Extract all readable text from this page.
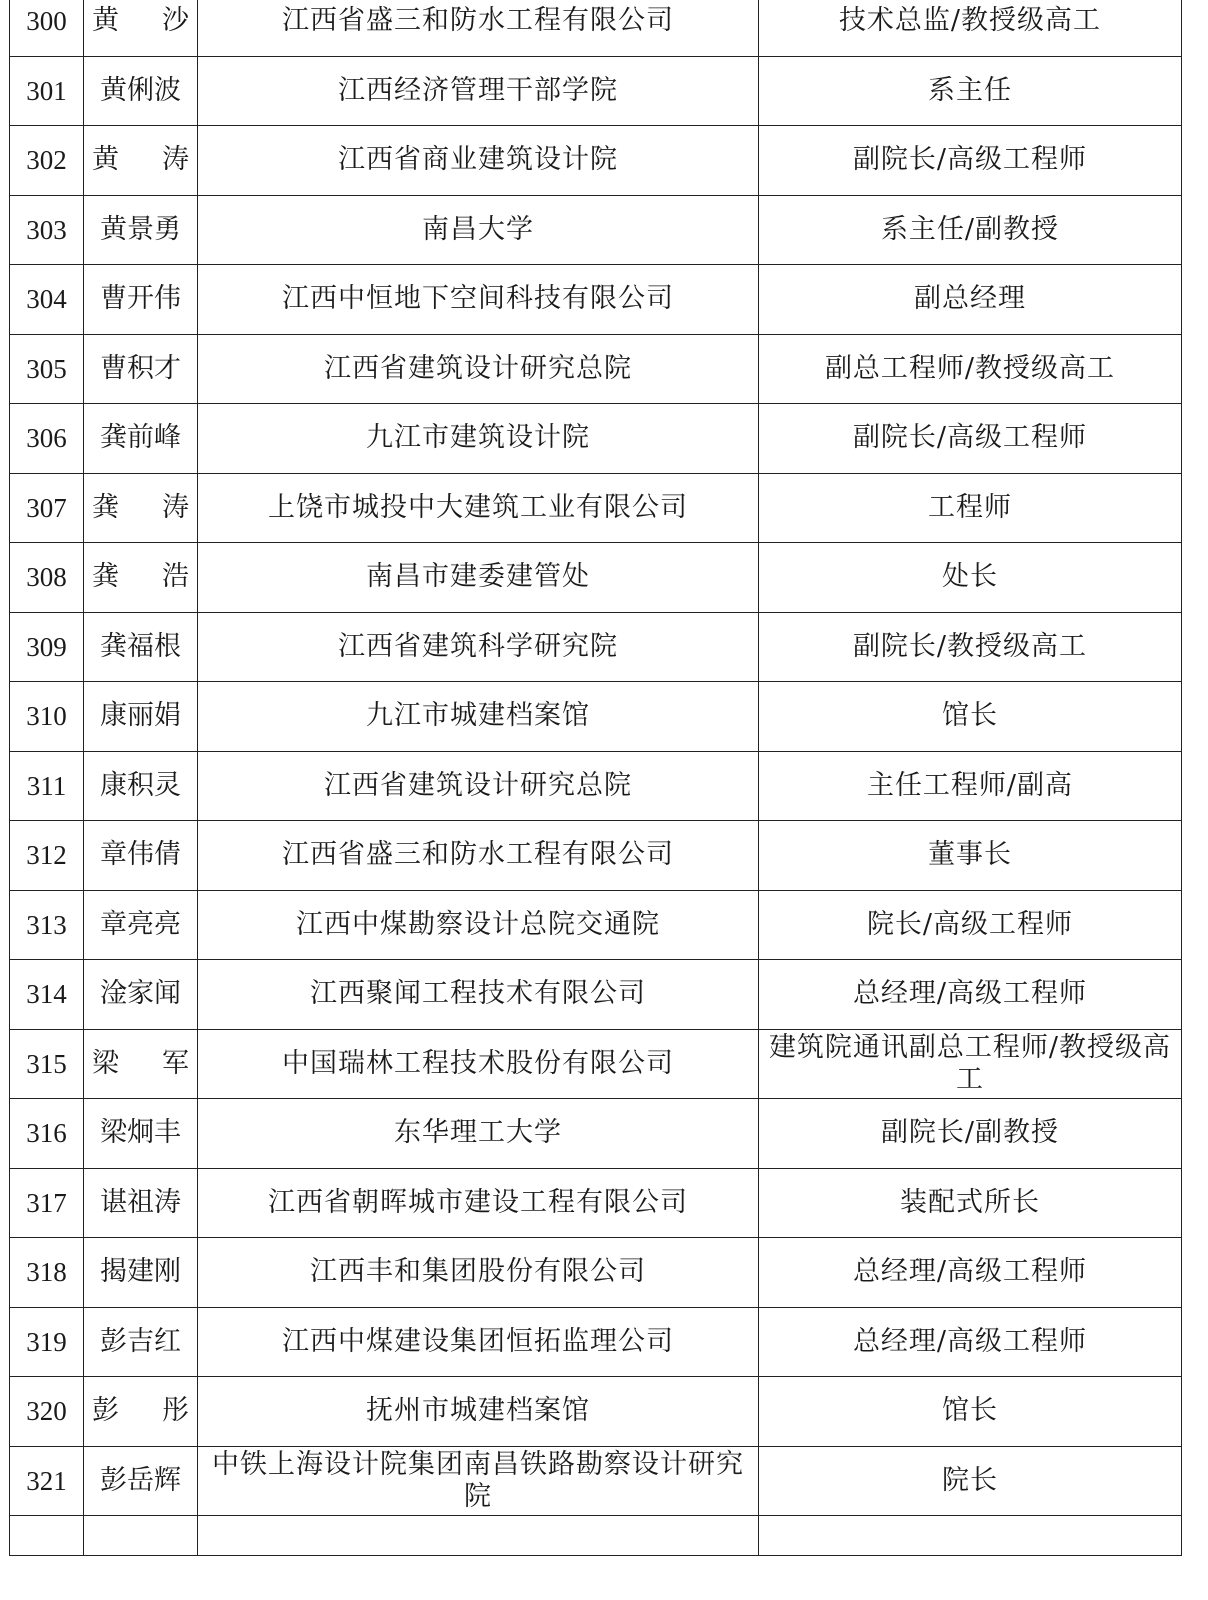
300	黄　沙	江西省盛三和防水工程有限公司	技术总监/教授级高工
301	黄俐波	江西经济管理干部学院	系主任
302	黄　涛	江西省商业建筑设计院	副院长/高级工程师
303	黄景勇	南昌大学	系主任/副教授
304	曹开伟	江西中恒地下空间科技有限公司	副总经理
305	曹积才	江西省建筑设计研究总院	副总工程师/教授级高工
306	龚前峰	九江市建筑设计院	副院长/高级工程师
307	龚　涛	上饶市城投中大建筑工业有限公司	工程师
308	龚　浩	南昌市建委建管处	处长
309	龚福根	江西省建筑科学研究院	副院长/教授级高工
310	康丽娟	九江市城建档案馆	馆长
311	康积灵	江西省建筑设计研究总院	主任工程师/副高
312	章伟倩	江西省盛三和防水工程有限公司	董事长
313	章亮亮	江西中煤勘察设计总院交通院	院长/高级工程师
314	淦家闻	江西聚闻工程技术有限公司	总经理/高级工程师
315	梁　军	中国瑞林工程技术股份有限公司	建筑院通讯副总工程师/教授级高工
316	梁炯丰	东华理工大学	副院长/副教授
317	谌祖涛	江西省朝晖城市建设工程有限公司	装配式所长
318	揭建刚	江西丰和集团股份有限公司	总经理/高级工程师
319	彭吉红	江西中煤建设集团恒拓监理公司	总经理/高级工程师
320	彭　彤	抚州市城建档案馆	馆长
321	彭岳辉	中铁上海设计院集团南昌铁路勘察设计研究院	院长
